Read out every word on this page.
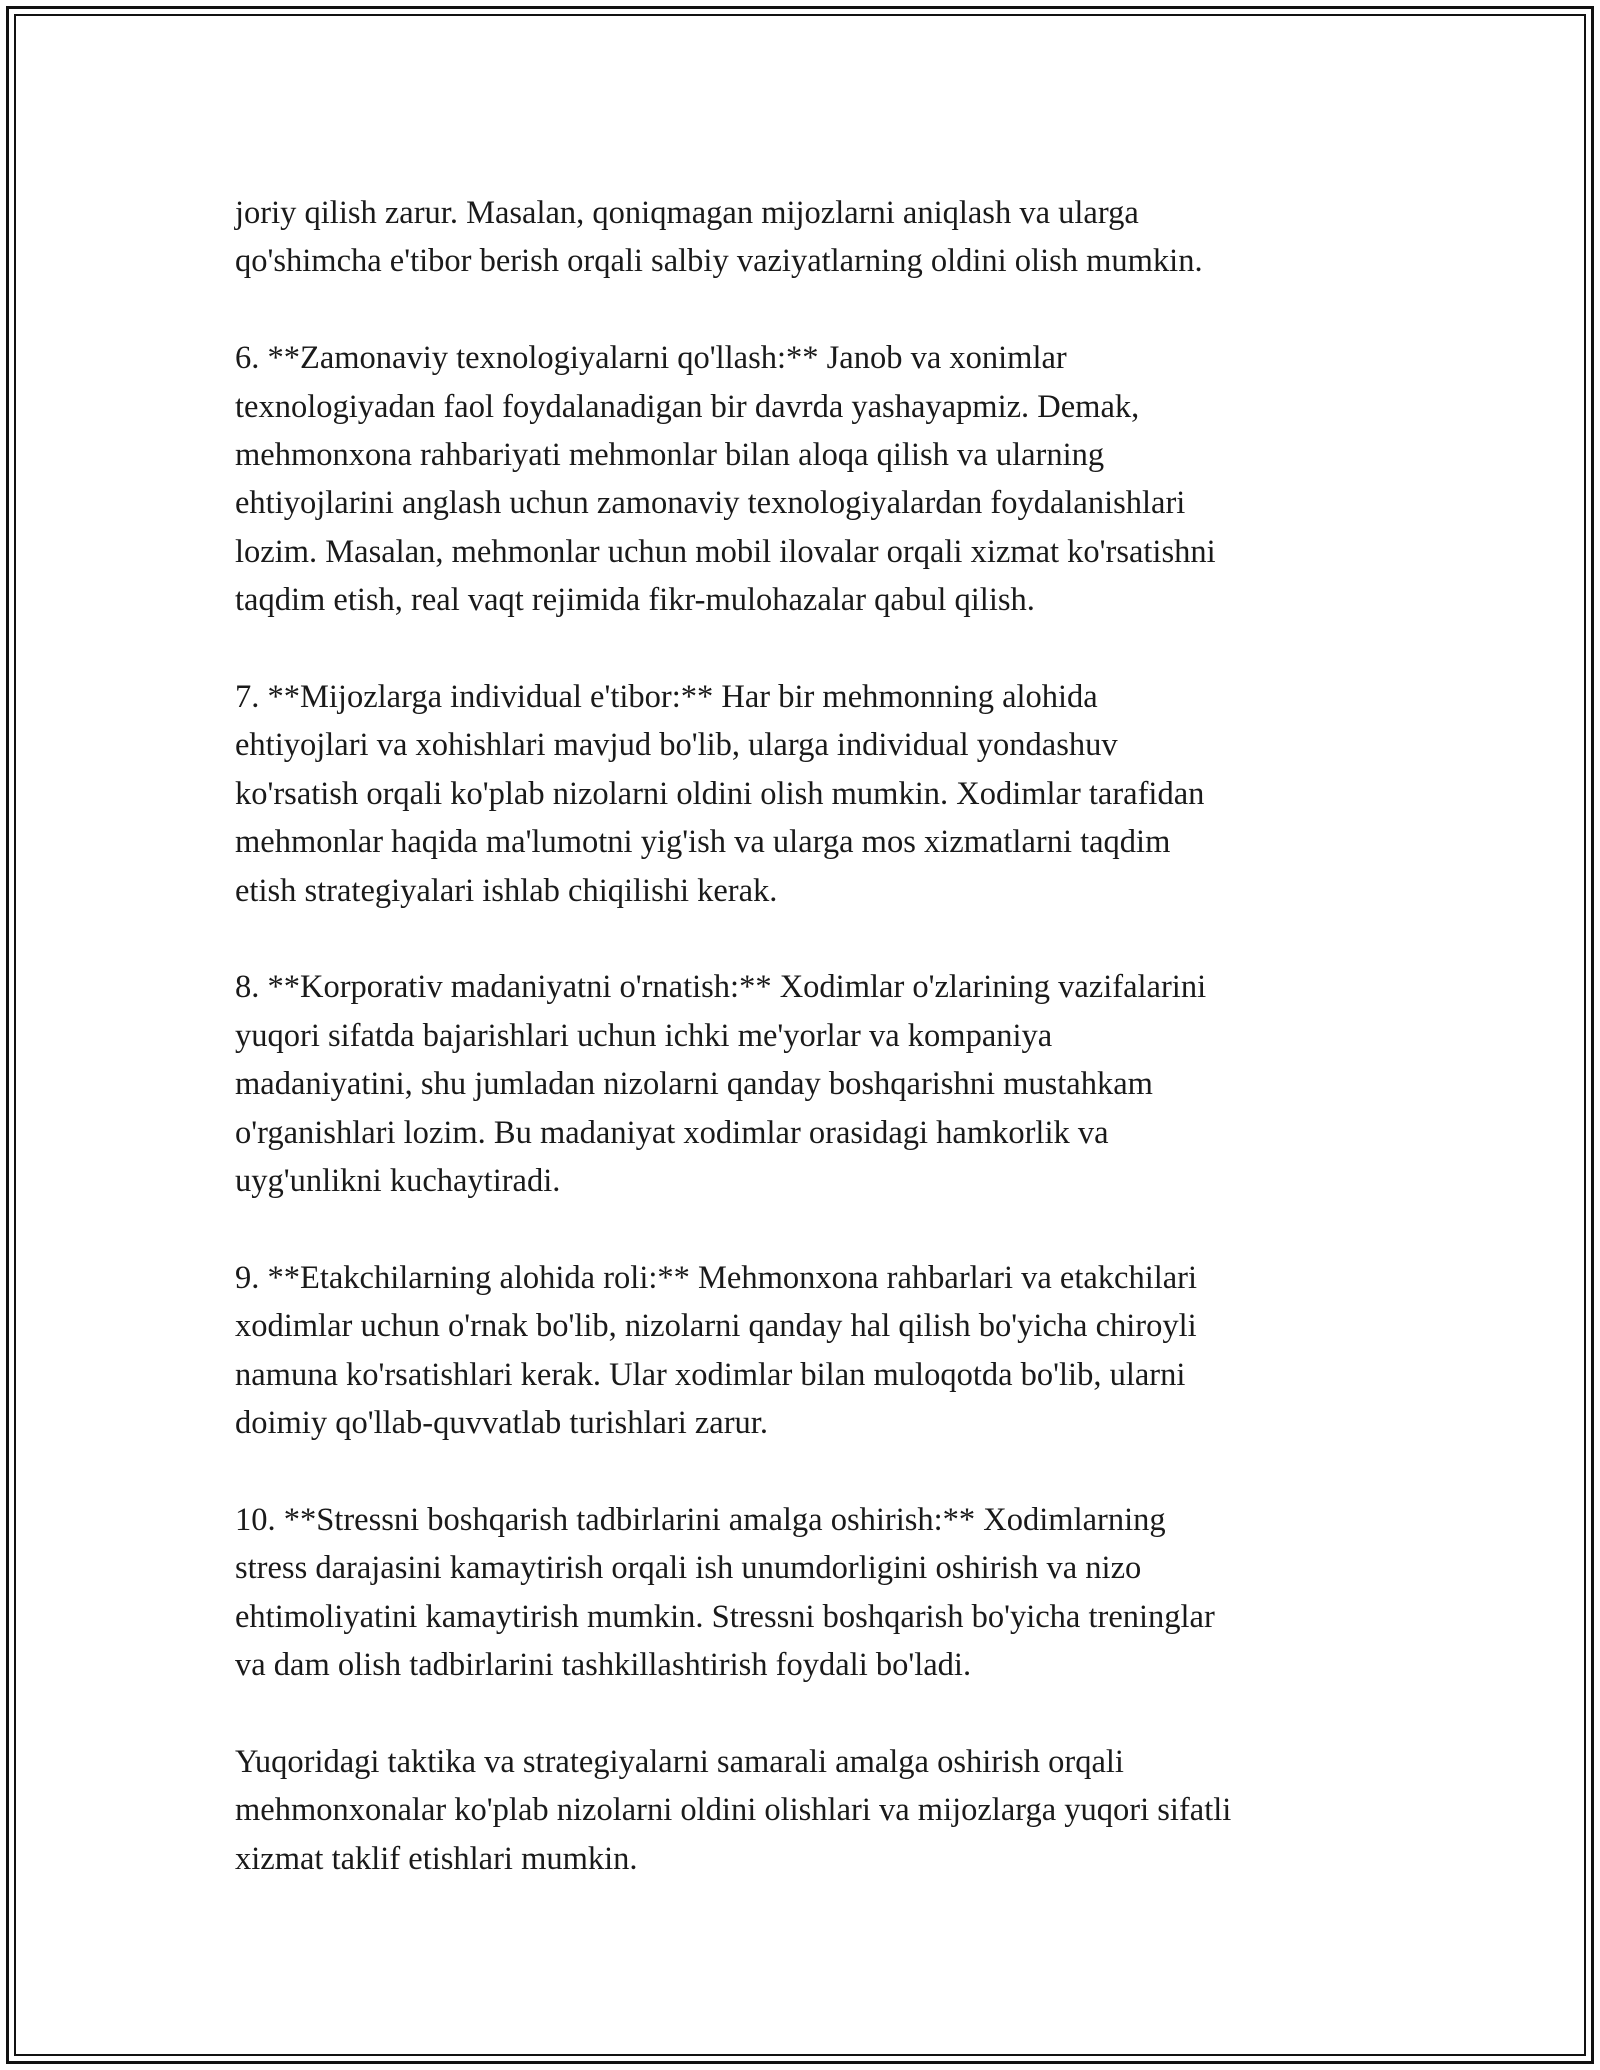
joriy qilish zarur. Masalan, qoniqmagan mijozlarni aniqlash va ularga
qo'shimcha e'tibor berish orqali salbiy vaziyatlarning oldini olish mumkin.

6. **Zamonaviy texnologiyalarni qo'llash:** Janob va xonimlar
texnologiyadan faol foydalanadigan bir davrda yashayapmiz. Demak,
mehmonxona rahbariyati mehmonlar bilan aloqa qilish va ularning
ehtiyojlarini anglash uchun zamonaviy texnologiyalardan foydalanishlari
lozim. Masalan, mehmonlar uchun mobil ilovalar orqali xizmat ko'rsatishni
taqdim etish, real vaqt rejimida fikr-mulohazalar qabul qilish.

7. **Mijozlarga individual e'tibor:** Har bir mehmonning alohida
ehtiyojlari va xohishlari mavjud bo'lib, ularga individual yondashuv
ko'rsatish orqali ko'plab nizolarni oldini olish mumkin. Xodimlar tarafidan
mehmonlar haqida ma'lumotni yig'ish va ularga mos xizmatlarni taqdim
etish strategiyalari ishlab chiqilishi kerak.

8. **Korporativ madaniyatni o'rnatish:** Xodimlar o'zlarining vazifalarini
yuqori sifatda bajarishlari uchun ichki me'yorlar va kompaniya
madaniyatini, shu jumladan nizolarni qanday boshqarishni mustahkam
o'rganishlari lozim. Bu madaniyat xodimlar orasidagi hamkorlik va
uyg'unlikni kuchaytiradi.

9. **Etakchilarning alohida roli:** Mehmonxona rahbarlari va etakchilari
xodimlar uchun o'rnak bo'lib, nizolarni qanday hal qilish bo'yicha chiroyli
namuna ko'rsatishlari kerak. Ular xodimlar bilan muloqotda bo'lib, ularni
doimiy qo'llab-quvvatlab turishlari zarur.

10. **Stressni boshqarish tadbirlarini amalga oshirish:** Xodimlarning
stress darajasini kamaytirish orqali ish unumdorligini oshirish va nizo
ehtimoliyatini kamaytirish mumkin. Stressni boshqarish bo'yicha treninglar
va dam olish tadbirlarini tashkillashtirish foydali bo'ladi.

Yuqoridagi taktika va strategiyalarni samarali amalga oshirish orqali
mehmonxonalar ko'plab nizolarni oldini olishlari va mijozlarga yuqori sifatli
xizmat taklif etishlari mumkin.
